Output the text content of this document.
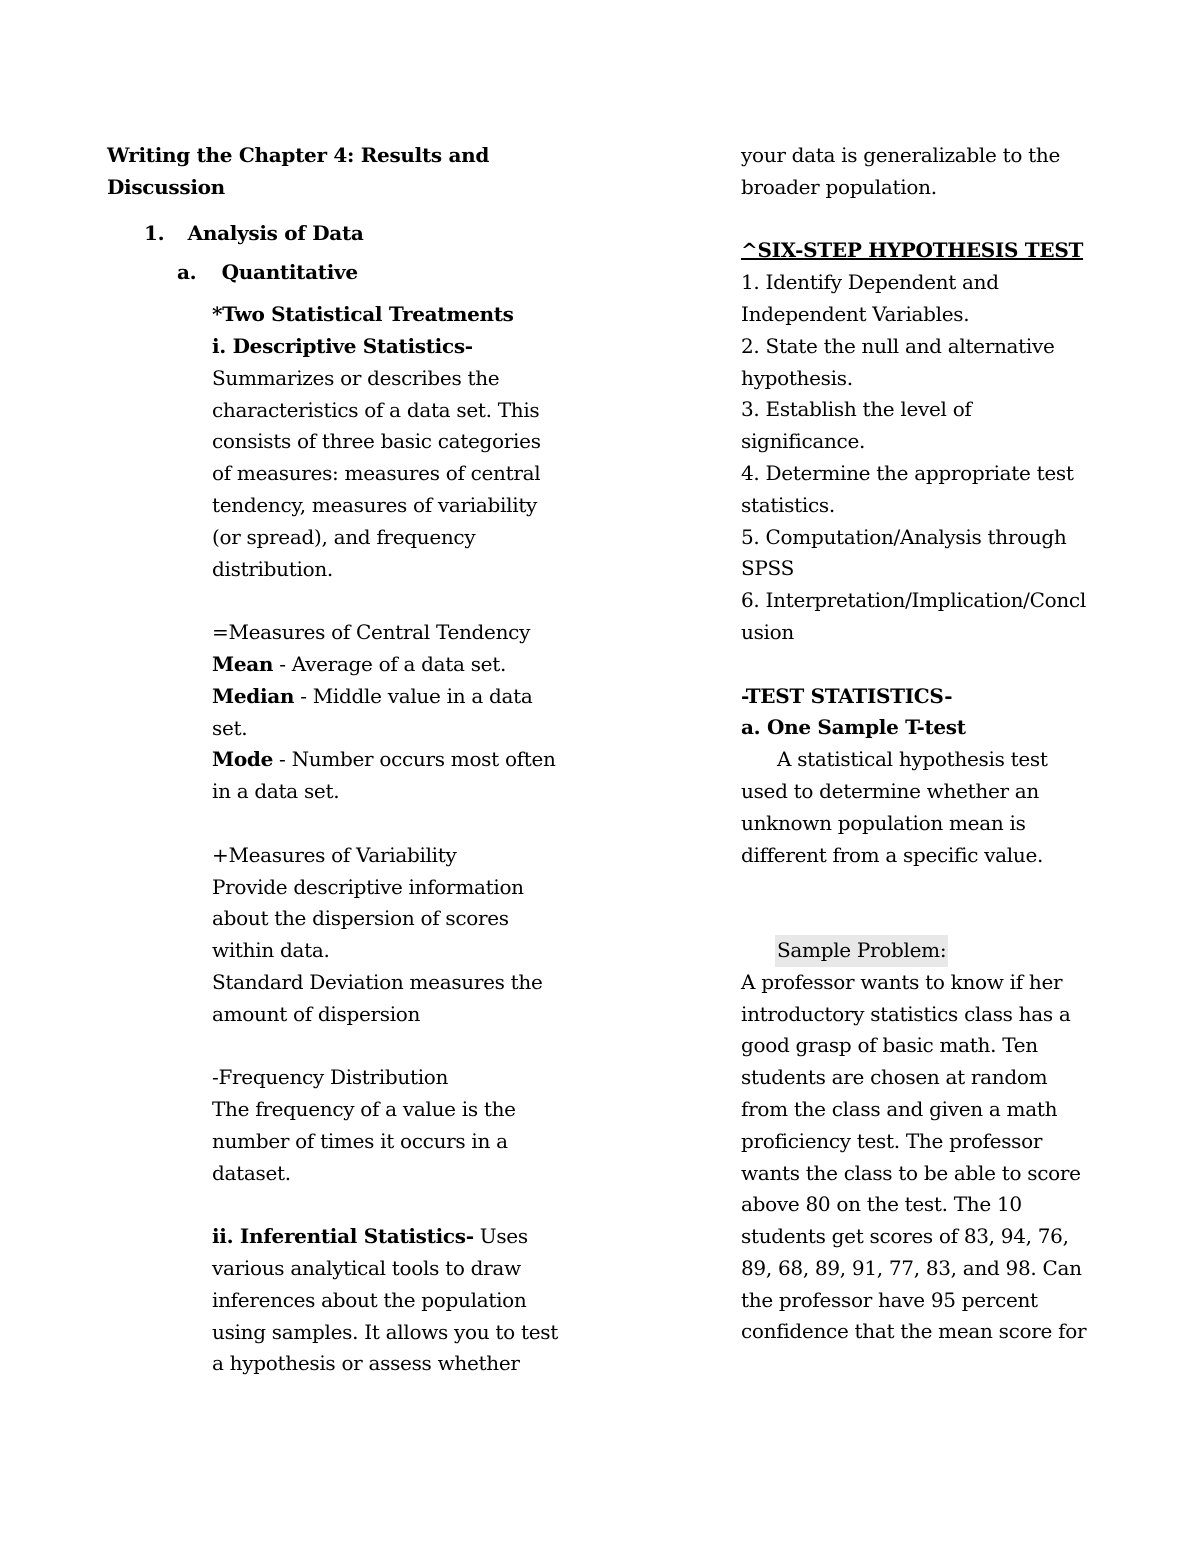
Writing the Chapter 4: Results and Discussion

1. Analysis of Data
a. Quantitative

*Two Statistical Treatments

i. Descriptive Statistics-

Summarizes or describes the characteristics of a data set. This consists of three basic categories of measures: measures of central tendency, measures of variability (or spread), and frequency distribution.

=Measures of Central Tendency

Mean - Average of a data set.

Median - Middle value in a data set.

Mode - Number occurs most often in a data set.

+Measures of Variability

Provide descriptive information about the dispersion of scores within data.

Standard Deviation measures the amount of dispersion

-Frequency Distribution

The frequency of a value is the number of times it occurs in a dataset.

ii. Inferential Statistics- Uses various analytical tools to draw inferences about the population using samples. It allows you to test a hypothesis or assess whether

your data is generalizable to the broader population.

^SIX-STEP HYPOTHESIS TEST

1. Identify Dependent and Independent Variables.

2. State the null and alternative hypothesis.

3. Establish the level of significance.

4. Determine the appropriate test statistics.

5. Computation/Analysis through SPSS

6. Interpretation/Implication/Conclusion

-TEST STATISTICS-

a. One Sample T-test

A statistical hypothesis test used to determine whether an unknown population mean is different from a specific value.

Sample Problem:

A professor wants to know if her introductory statistics class has a good grasp of basic math. Ten students are chosen at random from the class and given a math proficiency test. The professor wants the class to be able to score above 80 on the test. The 10 students get scores of 83, 94, 76, 89, 68, 89, 91, 77, 83, and 98. Can the professor have 95 percent confidence that the mean score for
